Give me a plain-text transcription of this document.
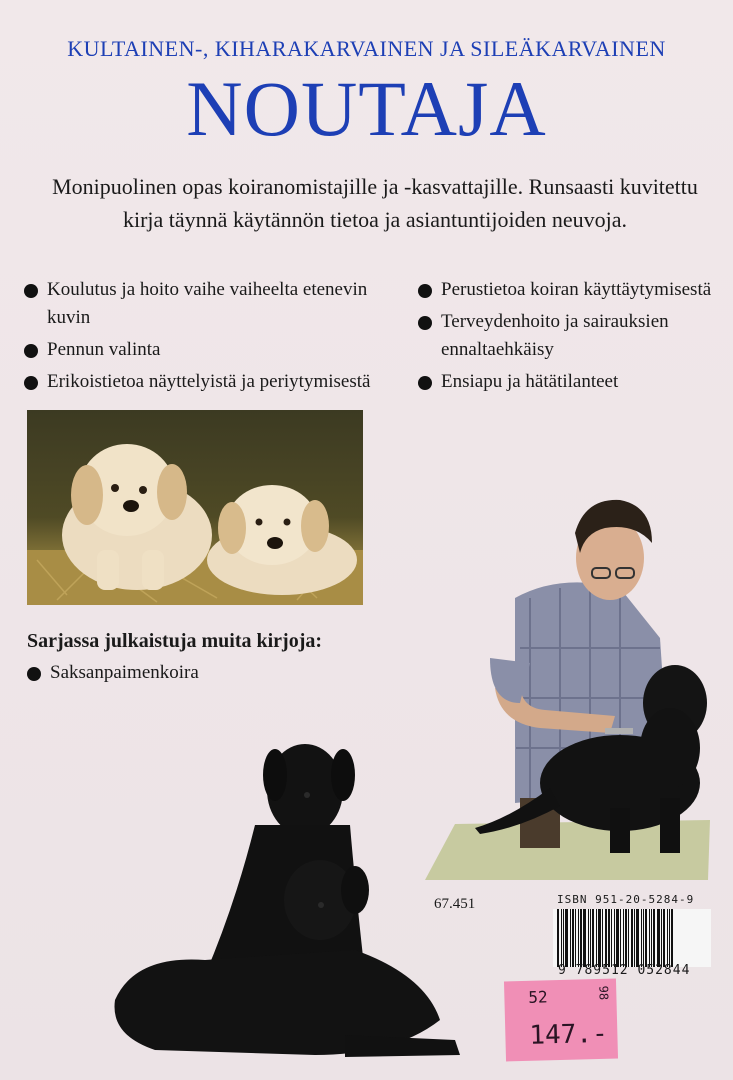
KULTAINEN-, KIHARAKARVAINEN JA SILEÄKARVAINEN
NOUTAJA
Monipuolinen opas koiranomistajille ja -kasvattajille. Runsaasti kuvitettu
kirja täynnä käytännön tietoa ja asiantuntijoiden neuvoja.
Koulutus ja hoito vaihe vaiheelta etenevin kuvin
Pennun valinta
Erikoistietoa näyttelyistä ja periytymisestä
Perustietoa koiran käyttäytymisestä
Terveydenhoito ja sairauksien ennaltaehkäisy
Ensiapu ja hätätilanteet
Sarjassa julkaistuja muita kirjoja:
Saksanpaimenkoira
67.451	ISBN 951-20-5284-9
9 789512 052844
52	98
147.-
